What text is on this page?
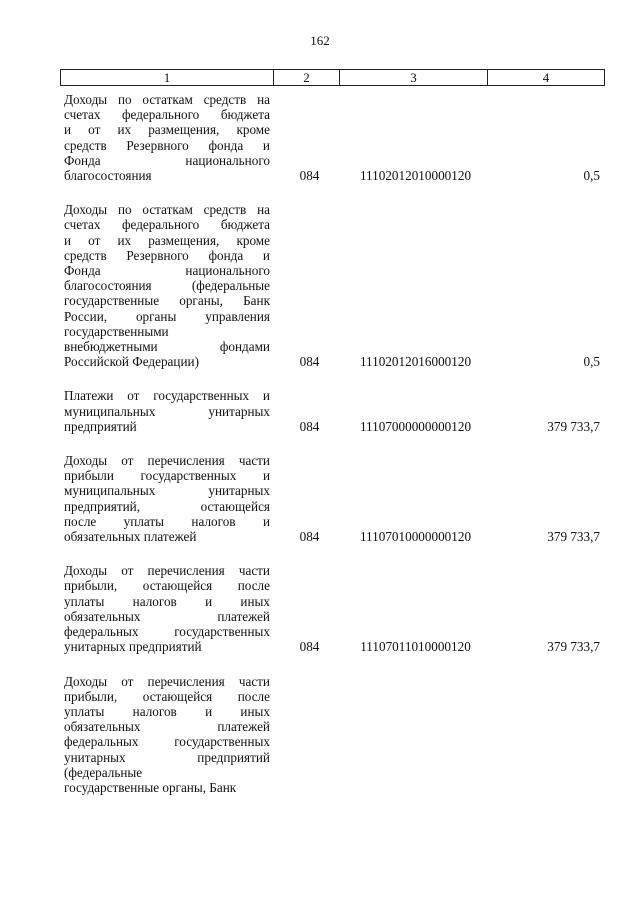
162
1	2	3	4
Доходы по остаткам средств на
счетах федерального бюджета
и от их размещения, кроме
средств Резервного фонда и
Фонда национального
благосостояния	084	11102012010000120	0,5
Доходы по остаткам средств на
счетах федерального бюджета
и от их размещения, кроме
средств Резервного фонда и
Фонда национального
благосостояния (федеральные
государственные органы, Банк
России, органы управления
государственными
внебюджетными фондами
Российской Федерации)	084	11102012016000120	0,5
Платежи от государственных и
муниципальных унитарных
предприятий	084	11107000000000120	379 733,7
Доходы от перечисления части
прибыли государственных и
муниципальных унитарных
предприятий, остающейся
после уплаты налогов и
обязательных платежей	084	11107010000000120	379 733,7
Доходы от перечисления части
прибыли, остающейся после
уплаты налогов и иных
обязательных платежей
федеральных государственных
унитарных предприятий	084	11107011010000120	379 733,7
Доходы от перечисления части
прибыли, остающейся после
уплаты налогов и иных
обязательных платежей
федеральных государственных
унитарных предприятий
(федеральные
государственные органы, Банк
